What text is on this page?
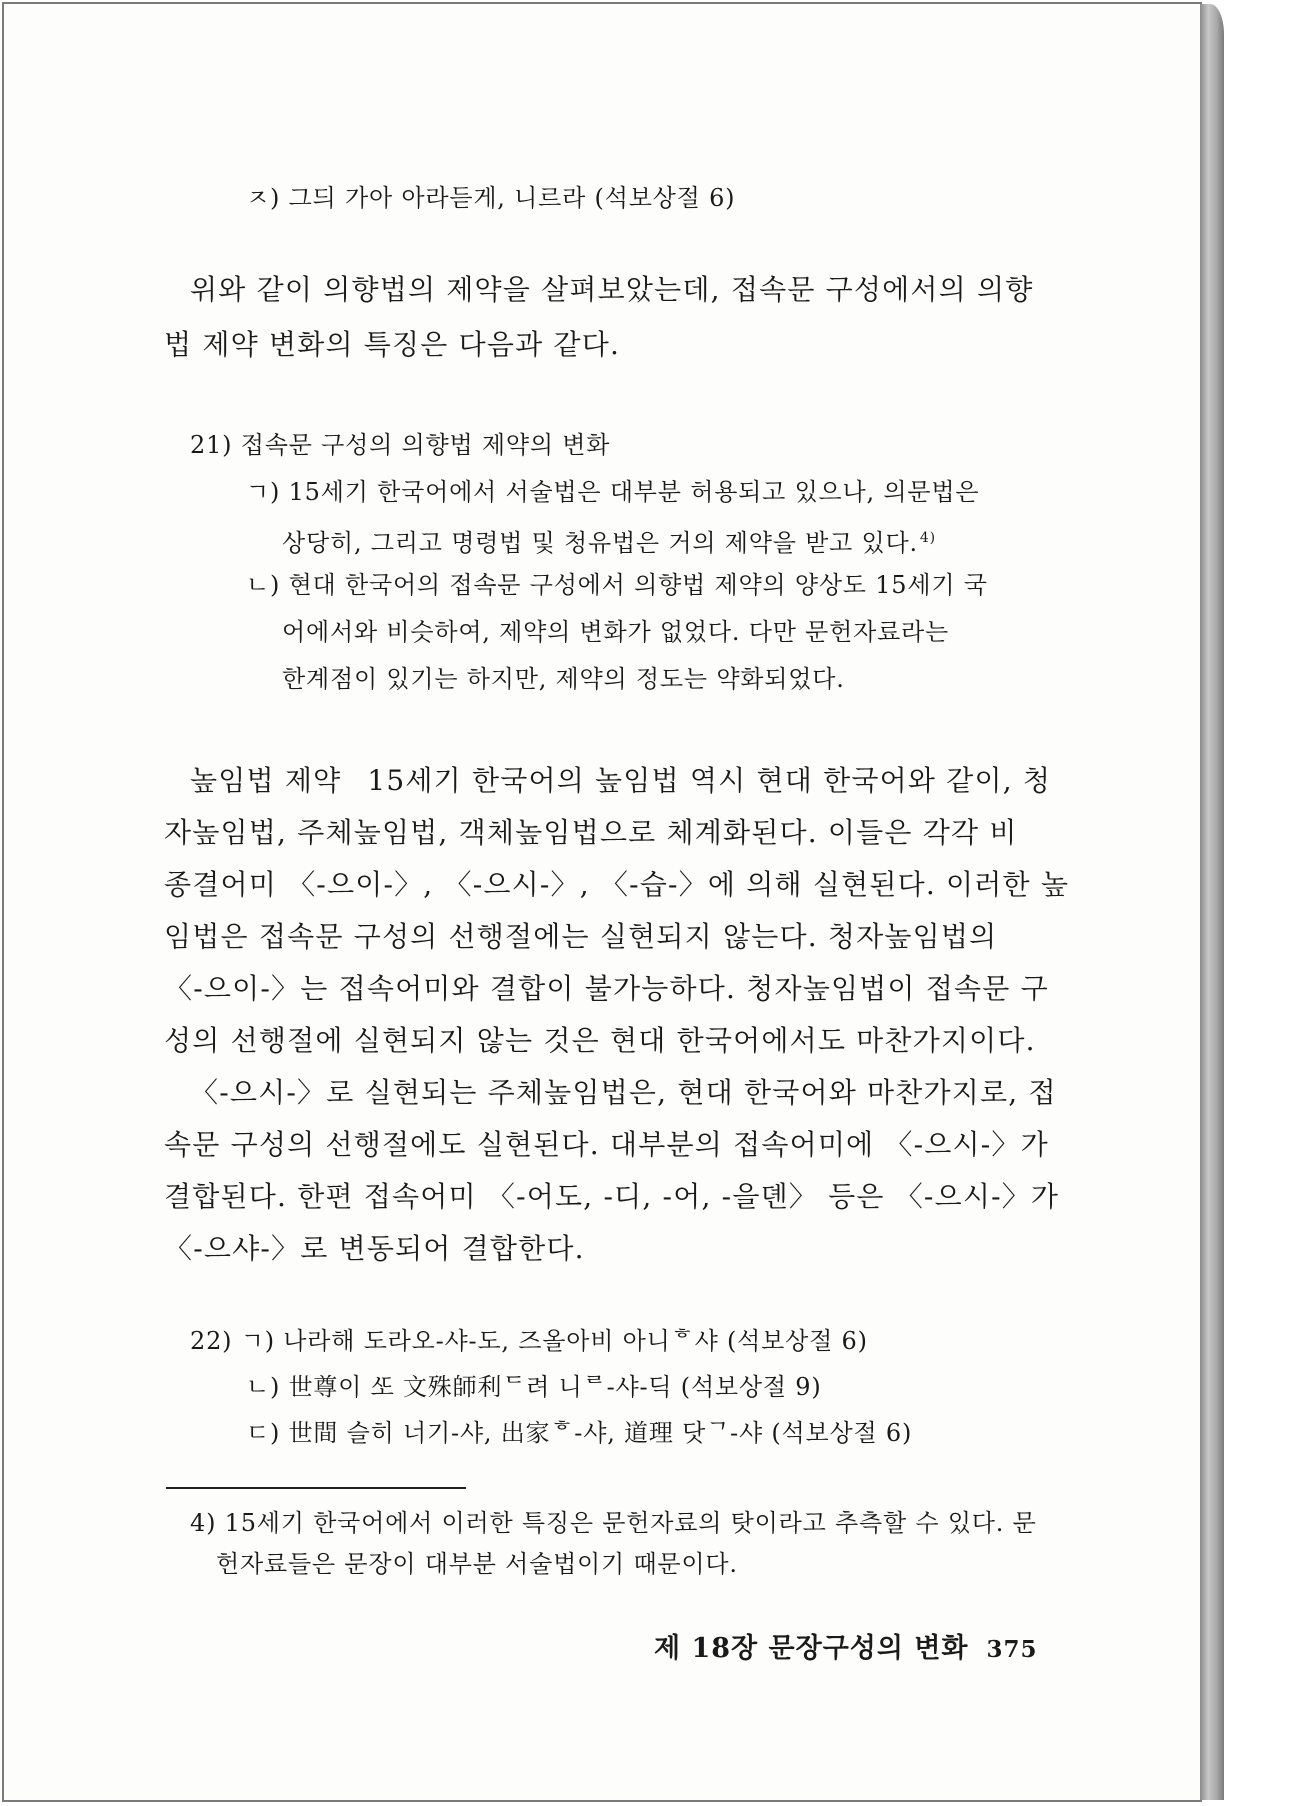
ㅈ) 그듸 가아 아라듣게, 니르라 (석보상절 6)
위와 같이 의향법의 제약을 살펴보았는데, 접속문 구성에서의 의향
법 제약 변화의 특징은 다음과 같다.
21) 접속문 구성의 의향법 제약의 변화
ㄱ) 15세기 한국어에서 서술법은 대부분 허용되고 있으나, 의문법은
상당히, 그리고 명령법 및 청유법은 거의 제약을 받고 있다. $^{4)}$
ㄴ) 현대 한국어의 접속문 구성에서 의향법 제약의 양상도 15세기 국
어에서와 비슷하여, 제약의 변화가 없었다. 다만 문헌자료라는
한계점이 있기는 하지만, 제약의 정도는 약화되었다.
높임법 제약 15세기 한국어의 높임법 역시 현대 한국어와 같이, 청
자높임법, 주체높임법, 객체높임법으로 체계화된다. 이들은 각각 비
종결어미 〈-으이-〉, 〈-으시-〉, 〈-습-〉에 의해 실현된다. 이러한 높
임법은 접속문 구성의 선행절에는 실현되지 않는다. 청자높임법의
〈-으이-〉는 접속어미와 결합이 불가능하다. 청자높임법이 접속문 구
성의 선행절에 실현되지 않는 것은 현대 한국어에서도 마찬가지이다.
〈-으시-〉로 실현되는 주체높임법은, 현대 한국어와 마찬가지로, 접
속문 구성의 선행절에도 실현된다. 대부분의 접속어미에 〈-으시-〉가
결합된다. 한편 접속어미 〈-어도, -디, -어, -을뎬〉 등은 〈-으시-〉가
〈-으샤-〉로 변동되어 결합한다.
22) ㄱ) 나라해 도라오-샤-도, 즈올아비 아니ᄒ샤 (석보상절 6)
ㄴ) 世尊이 ᄯᅩ 文殊師利ᄃ려 니ᄅ-샤-딕 (석보상절 9)
ㄷ) 世間 슬히 너기-샤, 出家ᄒ-샤, 道理 닷ᄀ-샤 (석보상절 6)
4) 15세기 한국어에서 이러한 특징은 문헌자료의 탓이라고 추측할 수 있다. 문
헌자료들은 문장이 대부분 서술법이기 때문이다.
제 18장 문장구성의 변화 375
